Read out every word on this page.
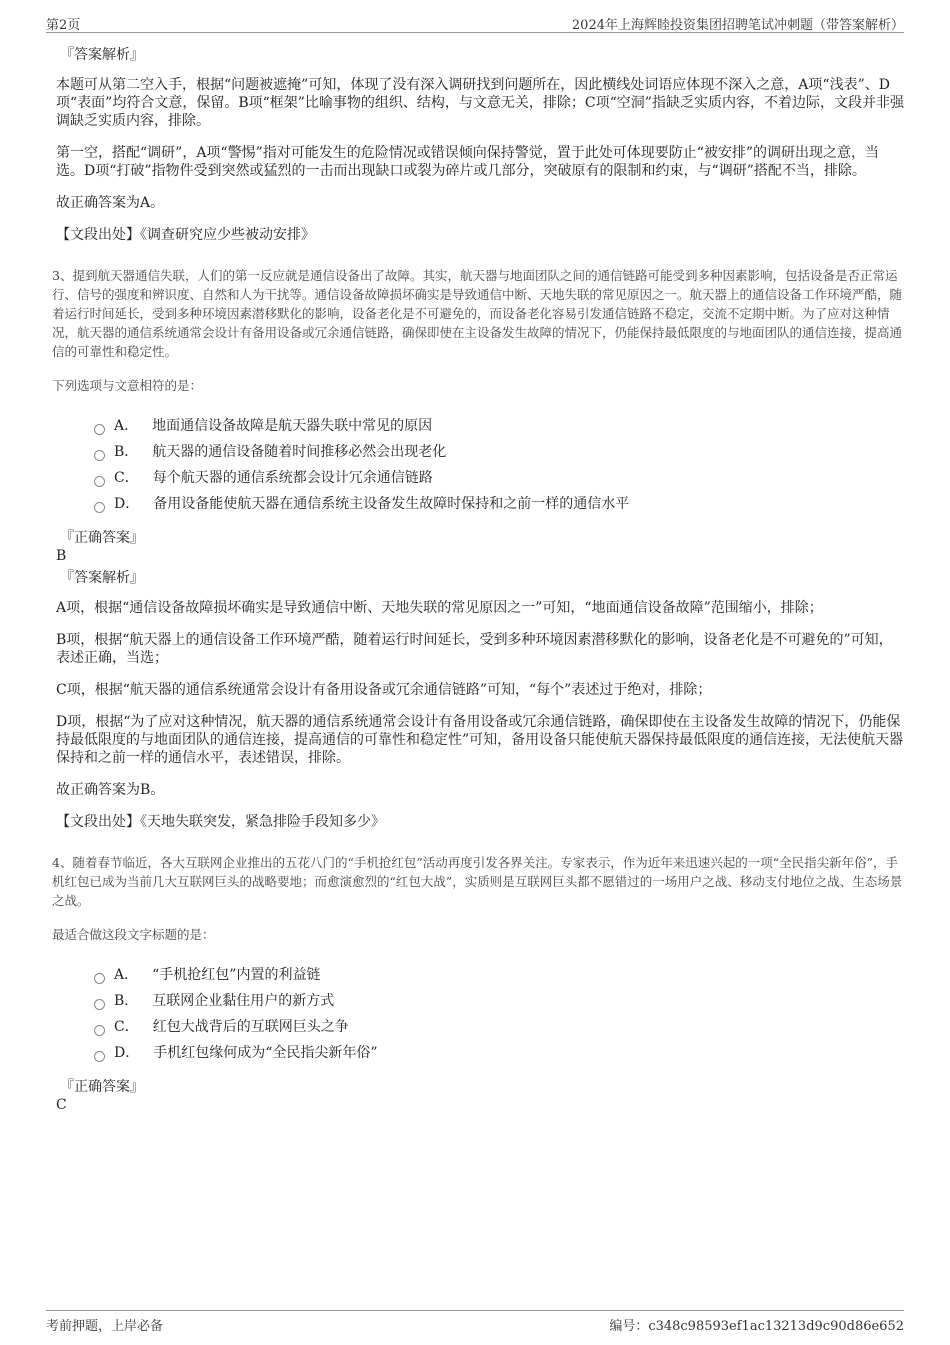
第2页	2024年上海辉睦投资集团招聘笔试冲刺题（带答案解析）
『答案解析』

本题可从第二空入手，根据“问题被遮掩”可知，体现了没有深入调研找到问题所在，因此横线处词语应体现不深入之意，A项“浅表”、D项“表面”均符合文意，保留。B项“框架”比喻事物的组织、结构，与文意无关，排除；C项“空洞”指缺乏实质内容，不着边际，文段并非强调缺乏实质内容，排除。

第一空，搭配“调研”，A项“警惕”指对可能发生的危险情况或错误倾向保持警觉，置于此处可体现要防止“被安排”的调研出现之意，当选。D项“打破”指物件受到突然或猛烈的一击而出现缺口或裂为碎片或几部分，突破原有的限制和约束，与“调研”搭配不当，排除。

故正确答案为A。

【文段出处】《调查研究应少些被动安排》

3、提到航天器通信失联，人们的第一反应就是通信设备出了故障。其实，航天器与地面团队之间的通信链路可能受到多种因素影响，包括设备是否正常运行、信号的强度和辨识度、自然和人为干扰等。通信设备故障损坏确实是导致通信中断、天地失联的常见原因之一。航天器上的通信设备工作环境严酷，随着运行时间延长，受到多种环境因素潜移默化的影响，设备老化是不可避免的，而设备老化容易引发通信链路不稳定，交流不定期中断。为了应对这种情况，航天器的通信系统通常会设计有备用设备或冗余通信链路，确保即使在主设备发生故障的情况下，仍能保持最低限度的与地面团队的通信连接，提高通信的可靠性和稳定性。

下列选项与文意相符的是：

A． 地面通信设备故障是航天器失联中常见的原因
B． 航天器的通信设备随着时间推移必然会出现老化
C． 每个航天器的通信系统都会设计冗余通信链路
D． 备用设备能使航天器在通信系统主设备发生故障时保持和之前一样的通信水平
『正确答案』
B
『答案解析』

A项，根据“通信设备故障损坏确实是导致通信中断、天地失联的常见原因之一”可知，“地面通信设备故障”范围缩小，排除；

B项，根据“航天器上的通信设备工作环境严酷，随着运行时间延长，受到多种环境因素潜移默化的影响，设备老化是不可避免的”可知，表述正确，当选；

C项，根据“航天器的通信系统通常会设计有备用设备或冗余通信链路”可知，“每个”表述过于绝对，排除；

D项，根据“为了应对这种情况，航天器的通信系统通常会设计有备用设备或冗余通信链路，确保即使在主设备发生故障的情况下，仍能保持最低限度的与地面团队的通信连接，提高通信的可靠性和稳定性”可知，备用设备只能使航天器保持最低限度的通信连接，无法使航天器保持和之前一样的通信水平，表述错误，排除。

故正确答案为B。

【文段出处】《天地失联突发，紧急排险手段知多少》

4、随着春节临近，各大互联网企业推出的五花八门的“手机抢红包”活动再度引发各界关注。专家表示，作为近年来迅速兴起的一项“全民指尖新年俗”，手机红包已成为当前几大互联网巨头的战略要地；而愈演愈烈的“红包大战”，实质则是互联网巨头都不愿错过的一场用户之战、移动支付地位之战、生态场景之战。

最适合做这段文字标题的是：

A． “手机抢红包”内置的利益链
B． 互联网企业黏住用户的新方式
C． 红包大战背后的互联网巨头之争
D． 手机红包缘何成为“全民指尖新年俗”
『正确答案』
C
考前押题，上岸必备	编号：c348c98593ef1ac13213d9c90d86e652
